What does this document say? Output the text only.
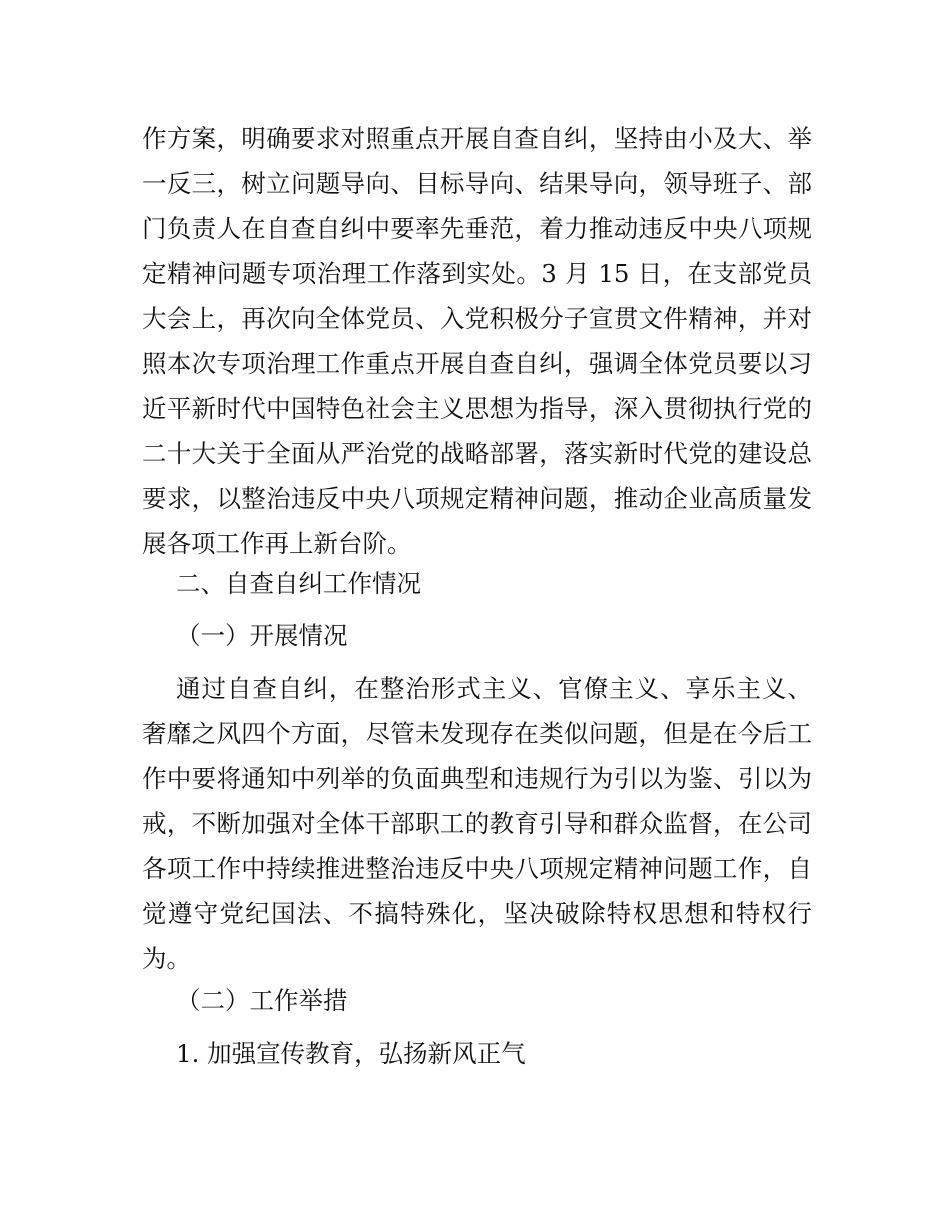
作方案，明确要求对照重点开展自查自纠，坚持由小及大、举
一反三，树立问题导向、目标导向、结果导向，领导班子、部
门负责人在自查自纠中要率先垂范，着力推动违反中央八项规
定精神问题专项治理工作落到实处。3 月 15 日，在支部党员
大会上，再次向全体党员、入党积极分子宣贯文件精神，并对
照本次专项治理工作重点开展自查自纠，强调全体党员要以习
近平新时代中国特色社会主义思想为指导，深入贯彻执行党的
二十大关于全面从严治党的战略部署，落实新时代党的建设总
要求，以整治违反中央八项规定精神问题，推动企业高质量发
展各项工作再上新台阶。
二、自查自纠工作情况
（一）开展情况
通过自查自纠，在整治形式主义、官僚主义、享乐主义、
奢靡之风四个方面，尽管未发现存在类似问题，但是在今后工
作中要将通知中列举的负面典型和违规行为引以为鉴、引以为
戒，不断加强对全体干部职工的教育引导和群众监督，在公司
各项工作中持续推进整治违反中央八项规定精神问题工作，自
觉遵守党纪国法、不搞特殊化，坚决破除特权思想和特权行
为。
（二）工作举措
1. 加强宣传教育，弘扬新风正气
